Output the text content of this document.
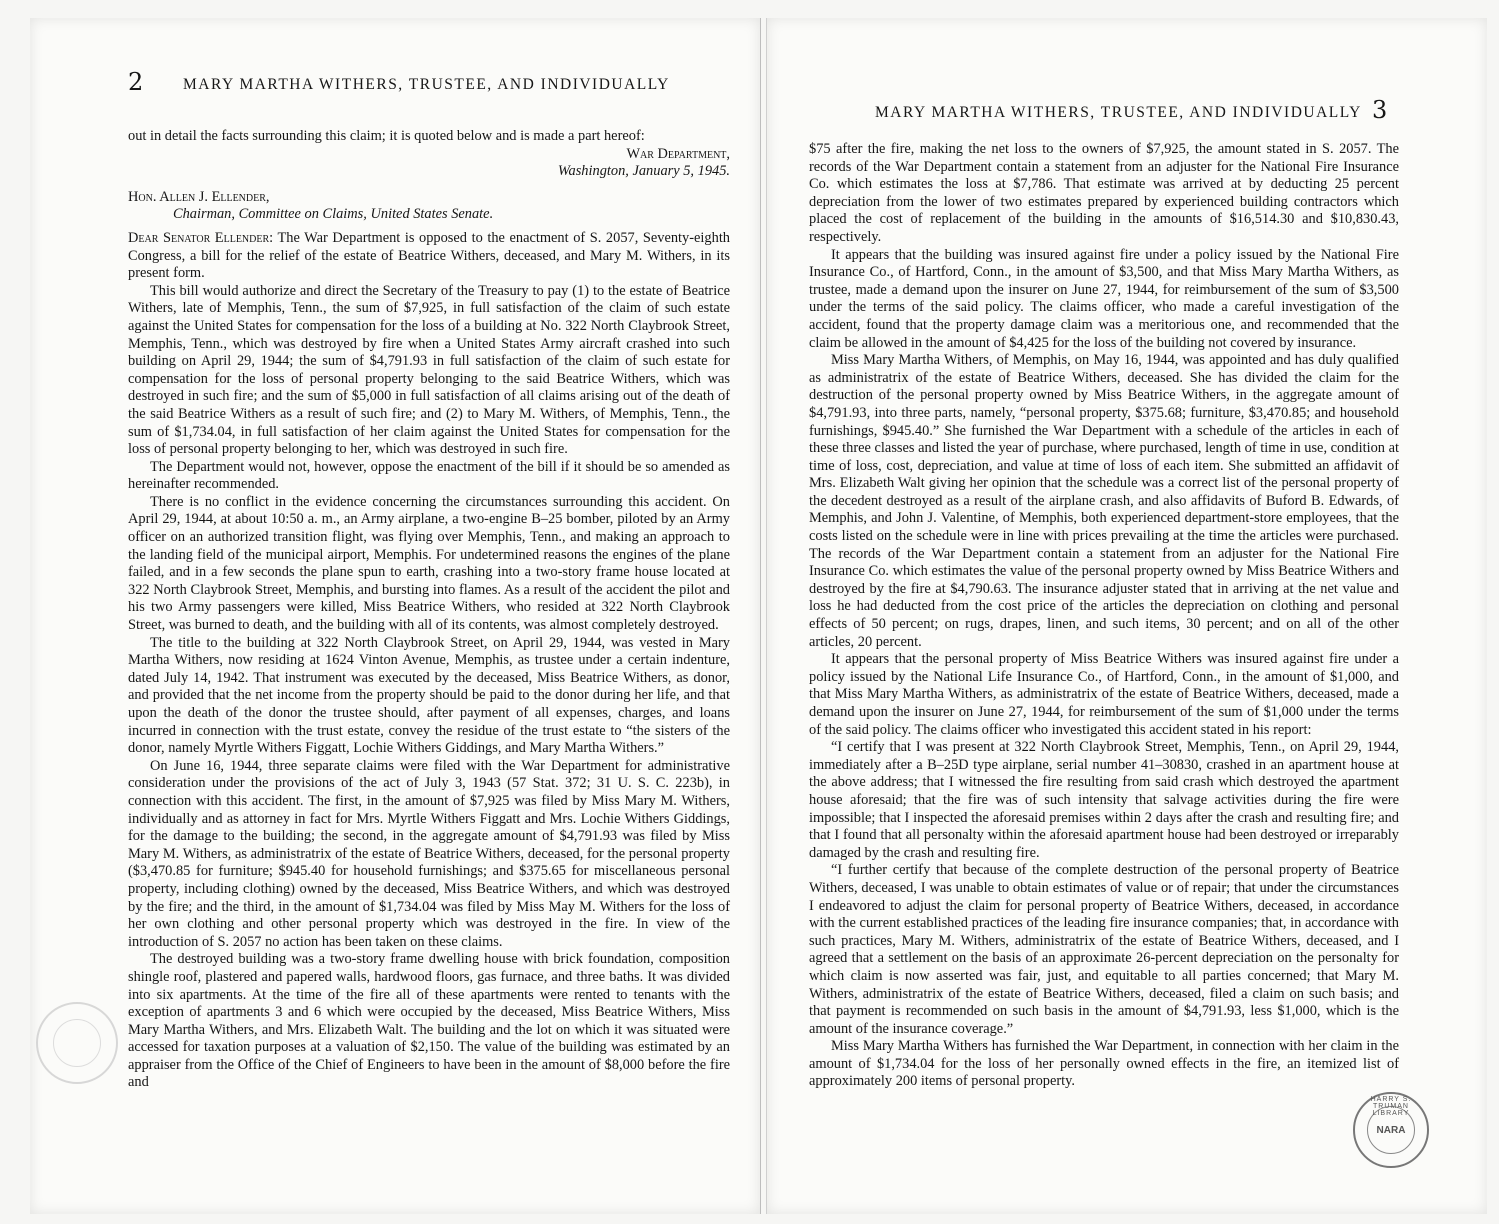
2	MARY MARTHA WITHERS, TRUSTEE, AND INDIVIDUALLY

out in detail the facts surrounding this claim; it is quoted below and is made a part hereof:

War Department,

Washington, January 5, 1945.

Hon. Allen J. Ellender,

Chairman, Committee on Claims, United States Senate.

Dear Senator Ellender: The War Department is opposed to the enactment of S. 2057, Seventy-eighth Congress, a bill for the relief of the estate of Beatrice Withers, deceased, and Mary M. Withers, in its present form.

This bill would authorize and direct the Secretary of the Treasury to pay (1) to the estate of Beatrice Withers, late of Memphis, Tenn., the sum of $7,925, in full satisfaction of the claim of such estate against the United States for compensation for the loss of a building at No. 322 North Claybrook Street, Memphis, Tenn., which was destroyed by fire when a United States Army aircraft crashed into such building on April 29, 1944; the sum of $4,791.93 in full satisfaction of the claim of such estate for compensation for the loss of personal property belonging to the said Beatrice Withers, which was destroyed in such fire; and the sum of $5,000 in full satisfaction of all claims arising out of the death of the said Beatrice Withers as a result of such fire; and (2) to Mary M. Withers, of Memphis, Tenn., the sum of $1,734.04, in full satisfaction of her claim against the United States for compensation for the loss of personal property belonging to her, which was destroyed in such fire.

The Department would not, however, oppose the enactment of the bill if it should be so amended as hereinafter recommended.

There is no conflict in the evidence concerning the circumstances surrounding this accident. On April 29, 1944, at about 10:50 a. m., an Army airplane, a two-engine B–25 bomber, piloted by an Army officer on an authorized transition flight, was flying over Memphis, Tenn., and making an approach to the landing field of the municipal airport, Memphis. For undetermined reasons the engines of the plane failed, and in a few seconds the plane spun to earth, crashing into a two-story frame house located at 322 North Claybrook Street, Memphis, and bursting into flames. As a result of the accident the pilot and his two Army passengers were killed, Miss Beatrice Withers, who resided at 322 North Claybrook Street, was burned to death, and the building with all of its contents, was almost completely destroyed.

The title to the building at 322 North Claybrook Street, on April 29, 1944, was vested in Mary Martha Withers, now residing at 1624 Vinton Avenue, Memphis, as trustee under a certain indenture, dated July 14, 1942. That instrument was executed by the deceased, Miss Beatrice Withers, as donor, and provided that the net income from the property should be paid to the donor during her life, and that upon the death of the donor the trustee should, after payment of all expenses, charges, and loans incurred in connection with the trust estate, convey the residue of the trust estate to “the sisters of the donor, namely Myrtle Withers Figgatt, Lochie Withers Giddings, and Mary Martha Withers.”

On June 16, 1944, three separate claims were filed with the War Department for administrative consideration under the provisions of the act of July 3, 1943 (57 Stat. 372; 31 U. S. C. 223b), in connection with this accident. The first, in the amount of $7,925 was filed by Miss Mary M. Withers, individually and as attorney in fact for Mrs. Myrtle Withers Figgatt and Mrs. Lochie Withers Giddings, for the damage to the building; the second, in the aggregate amount of $4,791.93 was filed by Miss Mary M. Withers, as administratrix of the estate of Beatrice Withers, deceased, for the personal property ($3,470.85 for furniture; $945.40 for household furnishings; and $375.65 for miscellaneous personal property, including clothing) owned by the deceased, Miss Beatrice Withers, and which was destroyed by the fire; and the third, in the amount of $1,734.04 was filed by Miss May M. Withers for the loss of her own clothing and other personal property which was destroyed in the fire. In view of the introduction of S. 2057 no action has been taken on these claims.

The destroyed building was a two-story frame dwelling house with brick foundation, composition shingle roof, plastered and papered walls, hardwood floors, gas furnace, and three baths. It was divided into six apartments. At the time of the fire all of these apartments were rented to tenants with the exception of apartments 3 and 6 which were occupied by the deceased, Miss Beatrice Withers, Miss Mary Martha Withers, and Mrs. Elizabeth Walt. The building and the lot on which it was situated were accessed for taxation purposes at a valuation of $2,150. The value of the building was estimated by an appraiser from the Office of the Chief of Engineers to have been in the amount of $8,000 before the fire and

MARY MARTHA WITHERS, TRUSTEE, AND INDIVIDUALLY 3

$75 after the fire, making the net loss to the owners of $7,925, the amount stated in S. 2057. The records of the War Department contain a statement from an adjuster for the National Fire Insurance Co. which estimates the loss at $7,786. That estimate was arrived at by deducting 25 percent depreciation from the lower of two estimates prepared by experienced building contractors which placed the cost of replacement of the building in the amounts of $16,514.30 and $10,830.43, respectively.

It appears that the building was insured against fire under a policy issued by the National Fire Insurance Co., of Hartford, Conn., in the amount of $3,500, and that Miss Mary Martha Withers, as trustee, made a demand upon the insurer on June 27, 1944, for reimbursement of the sum of $3,500 under the terms of the said policy. The claims officer, who made a careful investigation of the accident, found that the property damage claim was a meritorious one, and recommended that the claim be allowed in the amount of $4,425 for the loss of the building not covered by insurance.

Miss Mary Martha Withers, of Memphis, on May 16, 1944, was appointed and has duly qualified as administratrix of the estate of Beatrice Withers, deceased. She has divided the claim for the destruction of the personal property owned by Miss Beatrice Withers, in the aggregate amount of $4,791.93, into three parts, namely, “personal property, $375.68; furniture, $3,470.85; and household furnishings, $945.40.” She furnished the War Department with a schedule of the articles in each of these three classes and listed the year of purchase, where purchased, length of time in use, condition at time of loss, cost, depreciation, and value at time of loss of each item. She submitted an affidavit of Mrs. Elizabeth Walt giving her opinion that the schedule was a correct list of the personal property of the decedent destroyed as a result of the airplane crash, and also affidavits of Buford B. Edwards, of Memphis, and John J. Valentine, of Memphis, both experienced department-store employees, that the costs listed on the schedule were in line with prices prevailing at the time the articles were purchased. The records of the War Department contain a statement from an adjuster for the National Fire Insurance Co. which estimates the value of the personal property owned by Miss Beatrice Withers and destroyed by the fire at $4,790.63. The insurance adjuster stated that in arriving at the net value and loss he had deducted from the cost price of the articles the depreciation on clothing and personal effects of 50 percent; on rugs, drapes, linen, and such items, 30 percent; and on all of the other articles, 20 percent.

It appears that the personal property of Miss Beatrice Withers was insured against fire under a policy issued by the National Life Insurance Co., of Hartford, Conn., in the amount of $1,000, and that Miss Mary Martha Withers, as administratrix of the estate of Beatrice Withers, deceased, made a demand upon the insurer on June 27, 1944, for reimbursement of the sum of $1,000 under the terms of the said policy. The claims officer who investigated this accident stated in his report:

“I certify that I was present at 322 North Claybrook Street, Memphis, Tenn., on April 29, 1944, immediately after a B–25D type airplane, serial number 41–30830, crashed in an apartment house at the above address; that I witnessed the fire resulting from said crash which destroyed the apartment house aforesaid; that the fire was of such intensity that salvage activities during the fire were impossible; that I inspected the aforesaid premises within 2 days after the crash and resulting fire; and that I found that all personalty within the aforesaid apartment house had been destroyed or irreparably damaged by the crash and resulting fire.

“I further certify that because of the complete destruction of the personal property of Beatrice Withers, deceased, I was unable to obtain estimates of value or of repair; that under the circumstances I endeavored to adjust the claim for personal property of Beatrice Withers, deceased, in accordance with the current established practices of the leading fire insurance companies; that, in accordance with such practices, Mary M. Withers, administratrix of the estate of Beatrice Withers, deceased, and I agreed that a settlement on the basis of an approximate 26-percent depreciation on the personalty for which claim is now asserted was fair, just, and equitable to all parties concerned; that Mary M. Withers, administratrix of the estate of Beatrice Withers, deceased, filed a claim on such basis; and that payment is recommended on such basis in the amount of $4,791.93, less $1,000, which is the amount of the insurance coverage.”

Miss Mary Martha Withers has furnished the War Department, in connection with her claim in the amount of $1,734.04 for the loss of her personally owned effects in the fire, an itemized list of approximately 200 items of personal property.

HARRY S. TRUMAN LIBRARY
NARA
